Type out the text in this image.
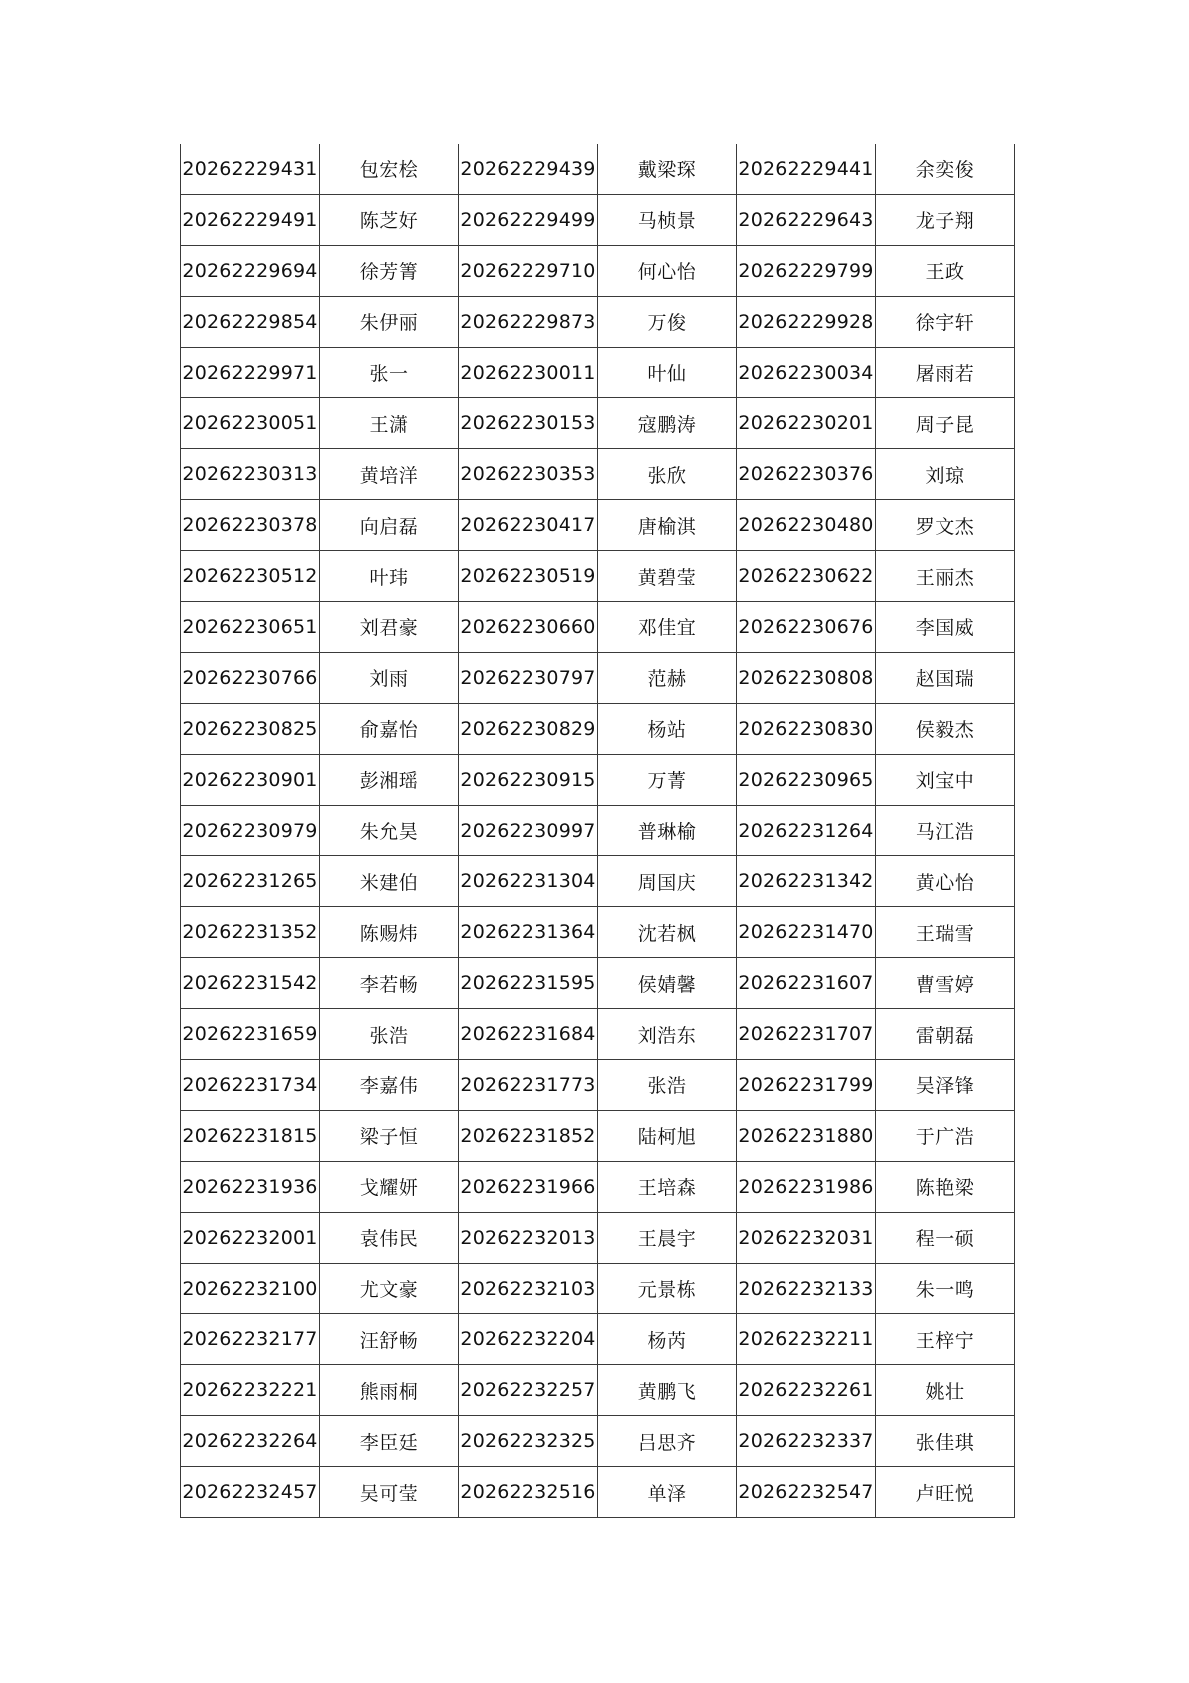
20262229431	包宏桧	20262229439	戴梁琛	20262229441	余奕俊
20262229491	陈芝好	20262229499	马桢景	20262229643	龙子翔
20262229694	徐芳箐	20262229710	何心怡	20262229799	王政
20262229854	朱伊丽	20262229873	万俊	20262229928	徐宇轩
20262229971	张一	20262230011	叶仙	20262230034	屠雨若
20262230051	王潇	20262230153	寇鹏涛	20262230201	周子昆
20262230313	黄培洋	20262230353	张欣	20262230376	刘琼
20262230378	向启磊	20262230417	唐榆淇	20262230480	罗文杰
20262230512	叶玮	20262230519	黄碧莹	20262230622	王丽杰
20262230651	刘君豪	20262230660	邓佳宜	20262230676	李国威
20262230766	刘雨	20262230797	范赫	20262230808	赵国瑞
20262230825	俞嘉怡	20262230829	杨站	20262230830	侯毅杰
20262230901	彭湘瑶	20262230915	万菁	20262230965	刘宝中
20262230979	朱允昊	20262230997	普琳榆	20262231264	马江浩
20262231265	米建伯	20262231304	周国庆	20262231342	黄心怡
20262231352	陈赐炜	20262231364	沈若枫	20262231470	王瑞雪
20262231542	李若畅	20262231595	侯婧馨	20262231607	曹雪婷
20262231659	张浩	20262231684	刘浩东	20262231707	雷朝磊
20262231734	李嘉伟	20262231773	张浩	20262231799	吴泽锋
20262231815	梁子恒	20262231852	陆柯旭	20262231880	于广浩
20262231936	戈耀妍	20262231966	王培森	20262231986	陈艳梁
20262232001	袁伟民	20262232013	王晨宇	20262232031	程一硕
20262232100	尤文豪	20262232103	元景栋	20262232133	朱一鸣
20262232177	汪舒畅	20262232204	杨芮	20262232211	王梓宁
20262232221	熊雨桐	20262232257	黄鹏飞	20262232261	姚壮
20262232264	李臣廷	20262232325	吕思齐	20262232337	张佳琪
20262232457	吴可莹	20262232516	单泽	20262232547	卢旺悦
